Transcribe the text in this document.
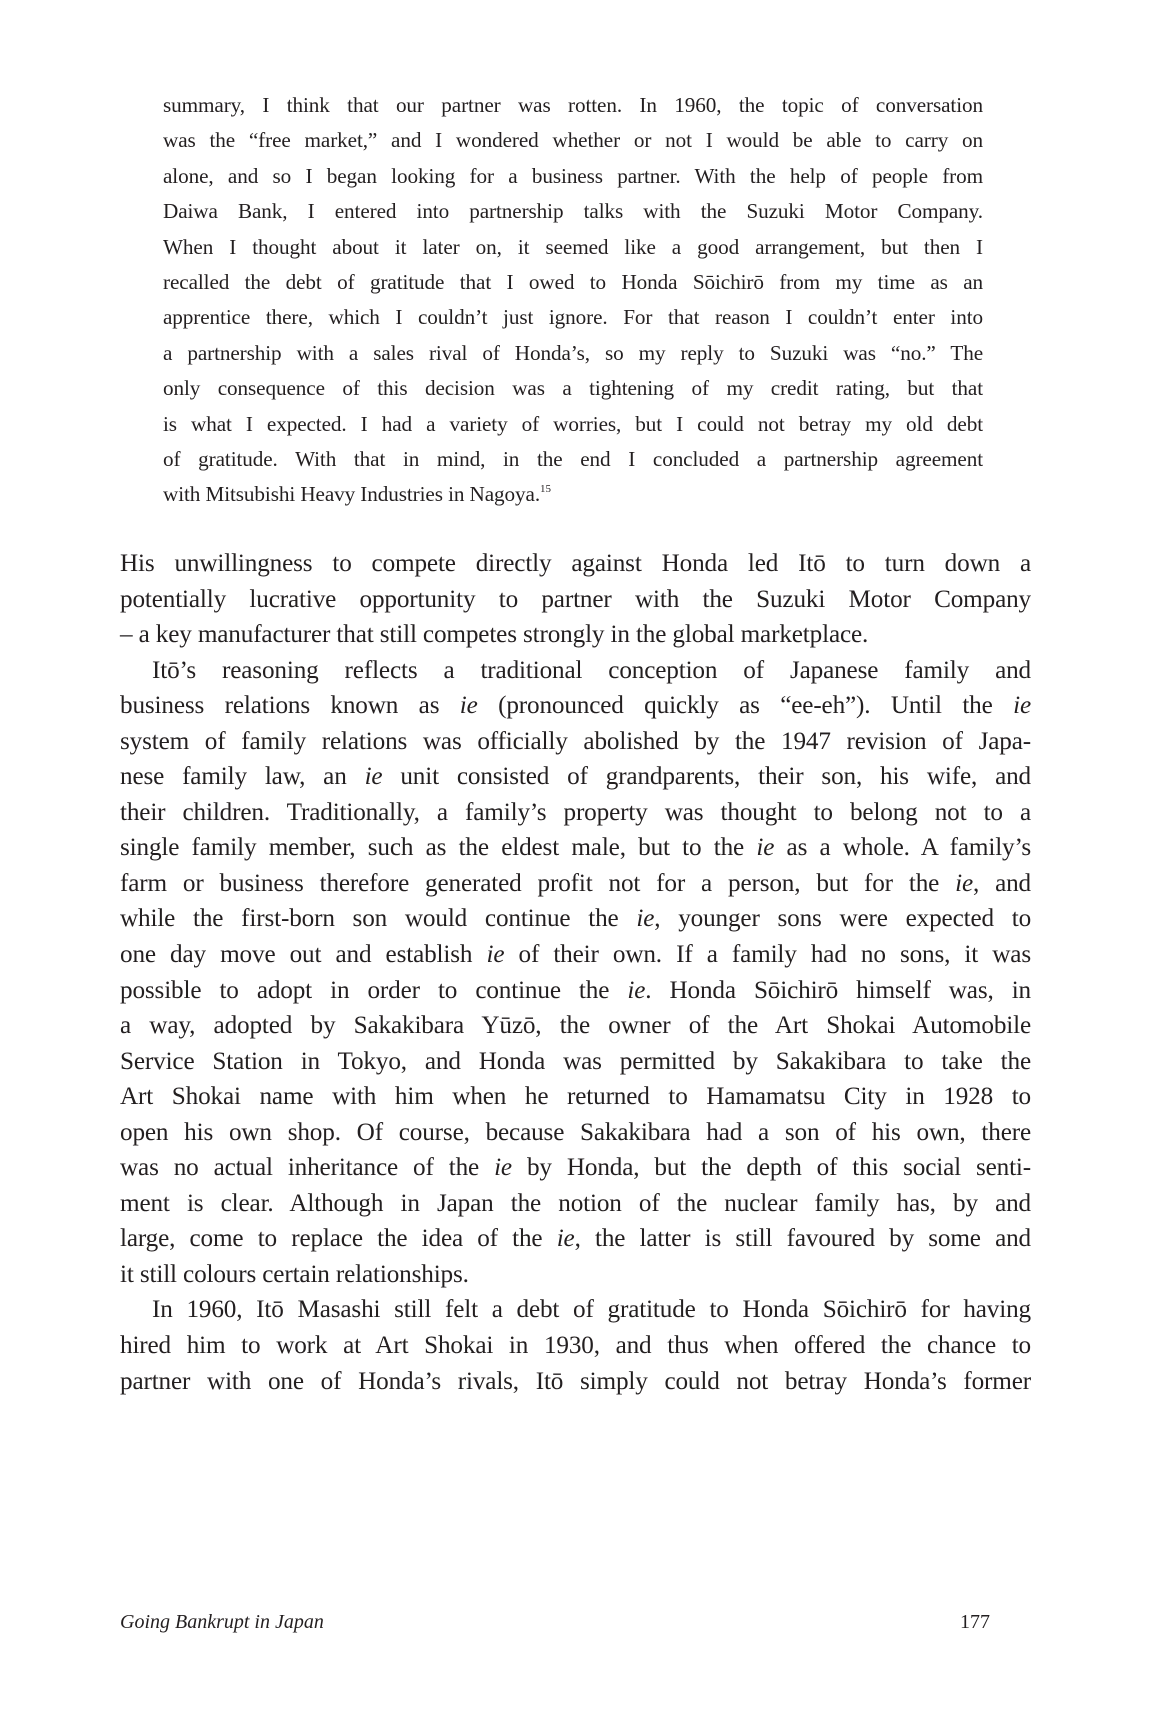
summary, I think that our partner was rotten. In 1960, the topic of conversation
was the “free market,” and I wondered whether or not I would be able to carry on
alone, and so I began looking for a business partner. With the help of people from
Daiwa Bank, I entered into partnership talks with the Suzuki Motor Company.
When I thought about it later on, it seemed like a good arrangement, but then I
recalled the debt of gratitude that I owed to Honda Sōichirō from my time as an
apprentice there, which I couldn’t just ignore. For that reason I couldn’t enter into
a partnership with a sales rival of Honda’s, so my reply to Suzuki was “no.” The
only consequence of this decision was a tightening of my credit rating, but that
is what I expected. I had a variety of worries, but I could not betray my old debt
of gratitude. With that in mind, in the end I concluded a partnership agreement
with Mitsubishi Heavy Industries in Nagoya.$^{15}$
His unwillingness to compete directly against Honda led Itō to turn down a
potentially lucrative opportunity to partner with the Suzuki Motor Company
– a key manufacturer that still competes strongly in the global marketplace.
Itō’s reasoning reflects a traditional conception of Japanese family and
business relations known as ie (pronounced quickly as “ee-eh”). Until the ie
system of family relations was officially abolished by the 1947 revision of Japa-
nese family law, an ie unit consisted of grandparents, their son, his wife, and
their children. Traditionally, a family’s property was thought to belong not to a
single family member, such as the eldest male, but to the ie as a whole. A family’s
farm or business therefore generated profit not for a person, but for the ie, and
while the first-born son would continue the ie, younger sons were expected to
one day move out and establish ie of their own. If a family had no sons, it was
possible to adopt in order to continue the ie. Honda Sōichirō himself was, in
a way, adopted by Sakakibara Yūzō, the owner of the Art Shokai Automobile
Service Station in Tokyo, and Honda was permitted by Sakakibara to take the
Art Shokai name with him when he returned to Hamamatsu City in 1928 to
open his own shop. Of course, because Sakakibara had a son of his own, there
was no actual inheritance of the ie by Honda, but the depth of this social senti-
ment is clear. Although in Japan the notion of the nuclear family has, by and
large, come to replace the idea of the ie, the latter is still favoured by some and
it still colours certain relationships.
In 1960, Itō Masashi still felt a debt of gratitude to Honda Sōichirō for having
hired him to work at Art Shokai in 1930, and thus when offered the chance to
partner with one of Honda’s rivals, Itō simply could not betray Honda’s former
Going Bankrupt in Japan	177
